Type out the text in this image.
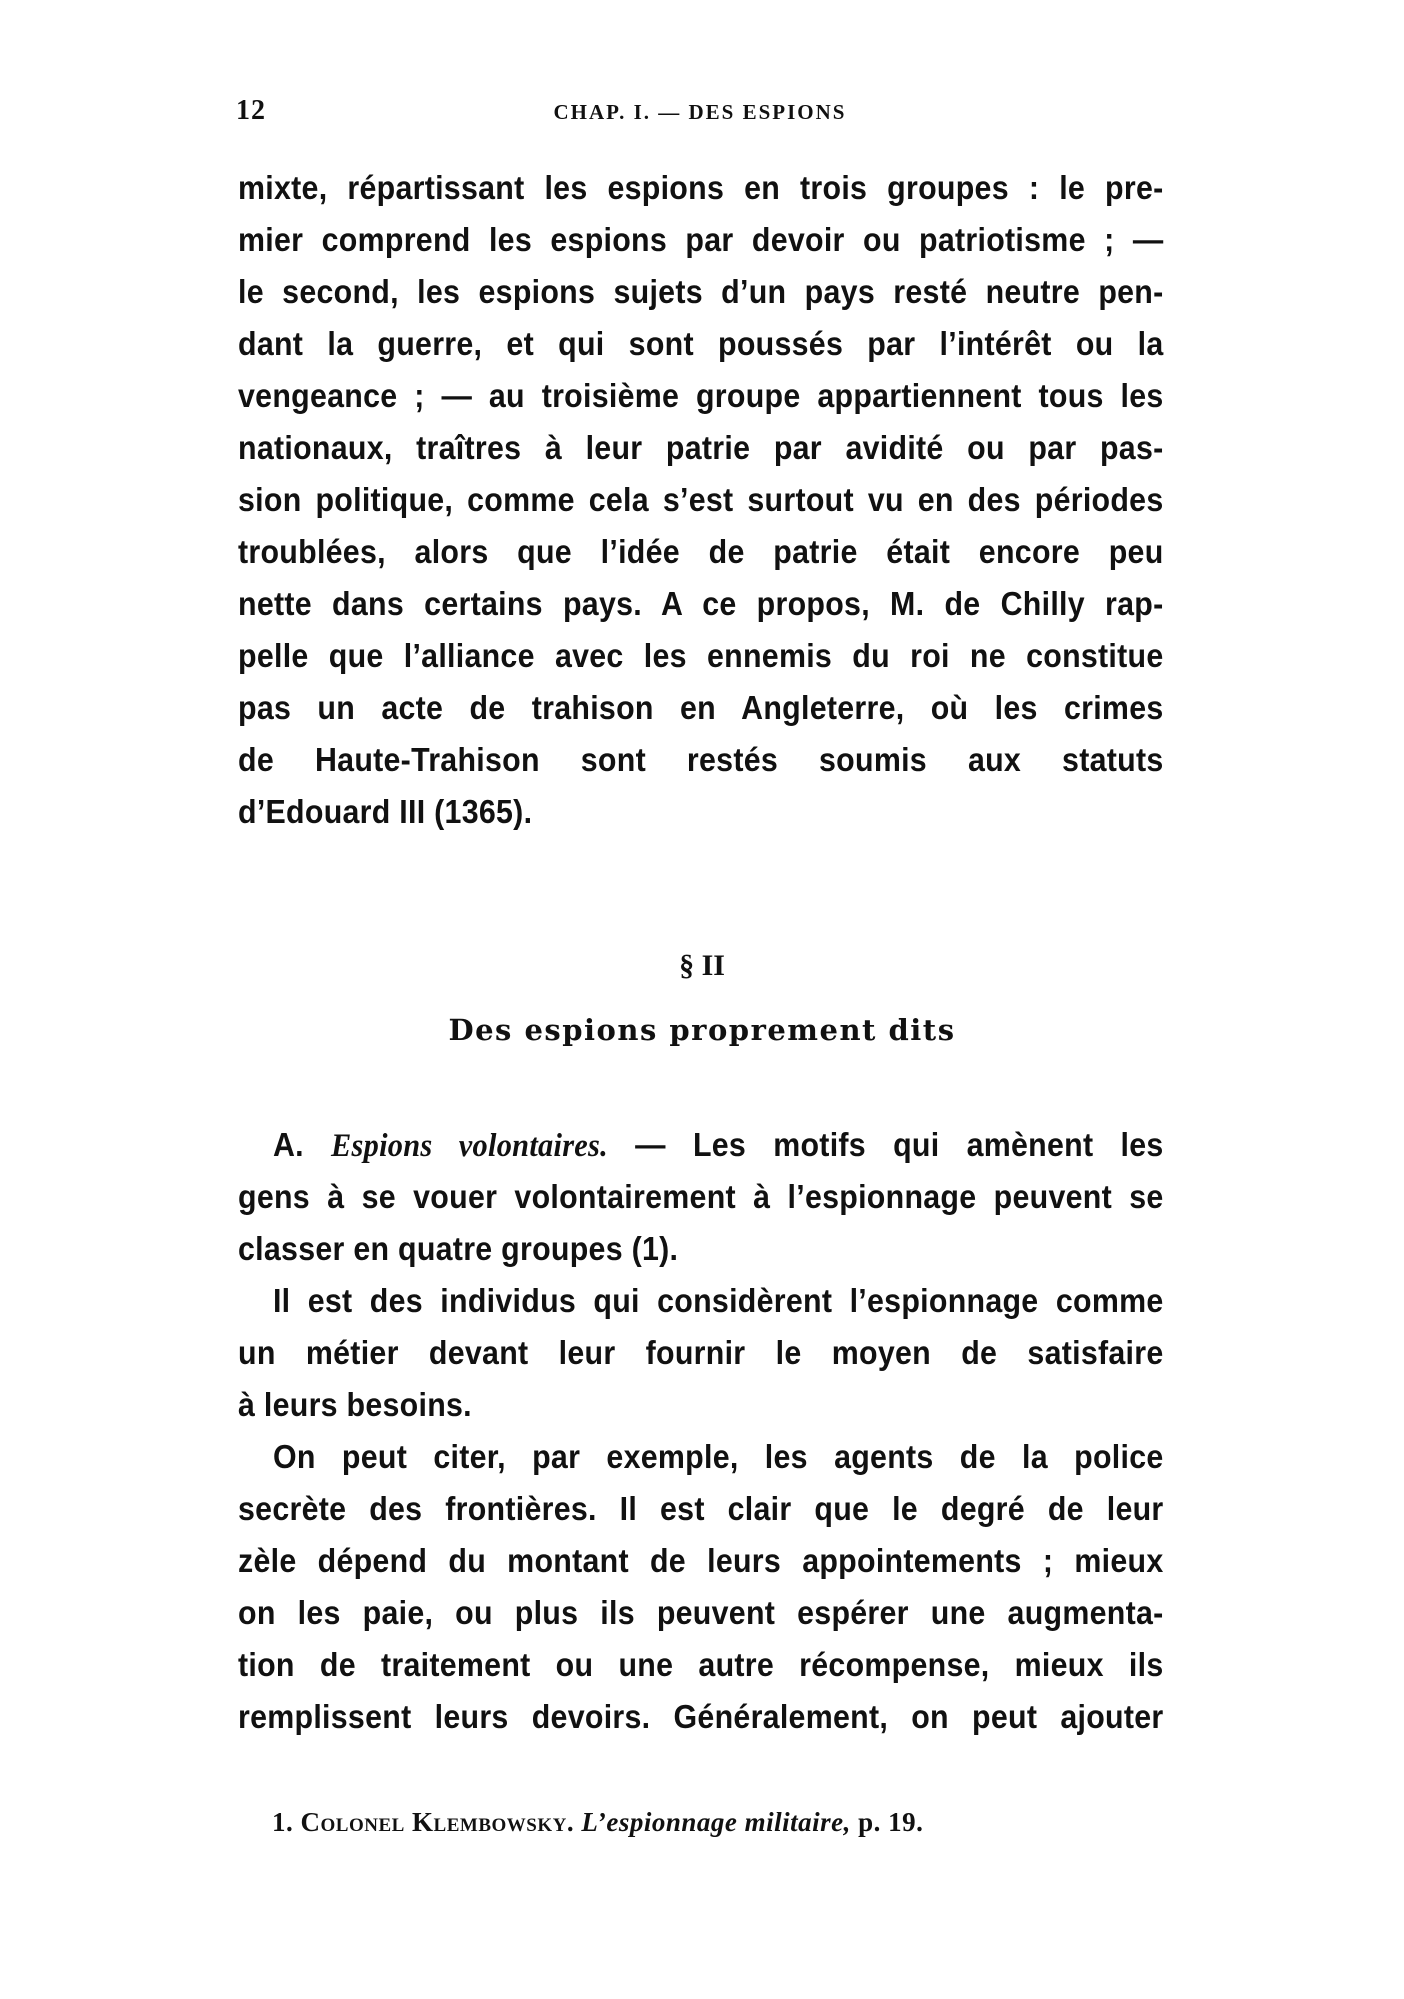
12	CHAP. I. — DES ESPIONS
mixte, répartissant les espions en trois groupes : le pre-
mier comprend les espions par devoir ou patriotisme ; —
le second, les espions sujets d’un pays resté neutre pen-
dant la guerre, et qui sont poussés par l’intérêt ou la
vengeance ; — au troisième groupe appartiennent tous les
nationaux, traîtres à leur patrie par avidité ou par pas-
sion politique, comme cela s’est surtout vu en des périodes
troublées, alors que l’idée de patrie était encore peu
nette dans certains pays. A ce propos, M. de Chilly rap-
pelle que l’alliance avec les ennemis du roi ne constitue
pas un acte de trahison en Angleterre, où les crimes
de Haute-Trahison sont restés soumis aux statuts
d’Edouard III (1365).
§ II
Des espions proprement dits
A. Espions volontaires. — Les motifs qui amènent les
gens à se vouer volontairement à l’espionnage peuvent se
classer en quatre groupes (1).
Il est des individus qui considèrent l’espionnage comme
un métier devant leur fournir le moyen de satisfaire
à leurs besoins.
On peut citer, par exemple, les agents de la police
secrète des frontières. Il est clair que le degré de leur
zèle dépend du montant de leurs appointements ; mieux
on les paie, ou plus ils peuvent espérer une augmenta-
tion de traitement ou une autre récompense, mieux ils
remplissent leurs devoirs. Généralement, on peut ajouter
1. Colonel Klembowsky. L’espionnage militaire, p. 19.
